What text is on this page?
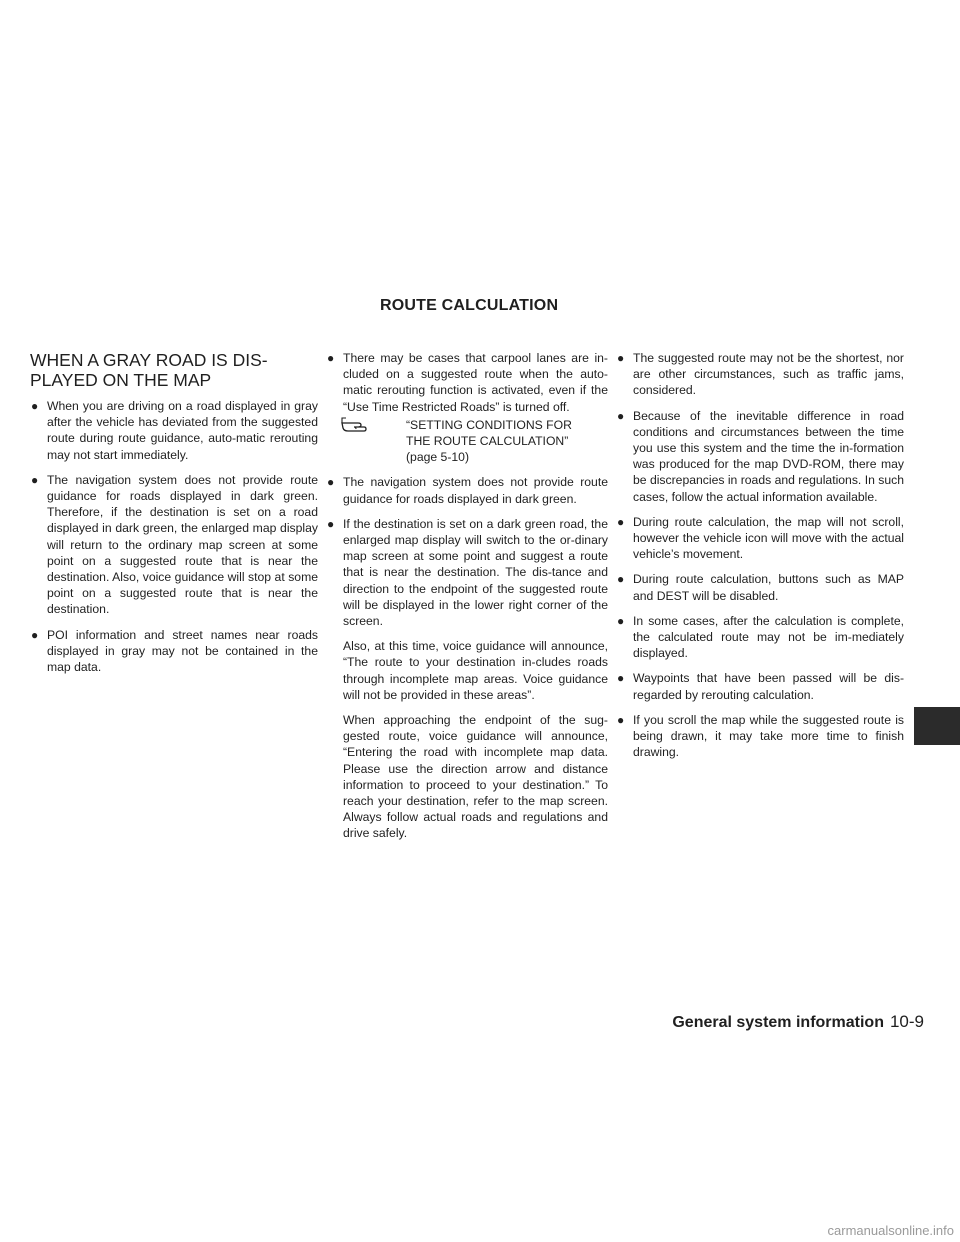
ROUTE CALCULATION
WHEN A GRAY ROAD IS DIS-
PLAYED ON THE MAP
● When you are driving on a road displayed in gray after the vehicle has deviated from the suggested route during route guidance, auto-matic rerouting may not start immediately.
● The navigation system does not provide route guidance for roads displayed in dark green. Therefore, if the destination is set on a road displayed in dark green, the enlarged map display will return to the ordinary map screen at some point on a suggested route that is near the destination. Also, voice guidance will stop at some point on a suggested route that is near the destination.
● POI information and street names near roads displayed in gray may not be contained in the map data.
● There may be cases that carpool lanes are in-cluded on a suggested route when the auto-matic rerouting function is activated, even if the “Use Time Restricted Roads” is turned off.
“SETTING CONDITIONS FOR
THE ROUTE CALCULATION”
(page 5-10)
● The navigation system does not provide route guidance for roads displayed in dark green.
● If the destination is set on a dark green road, the enlarged map display will switch to the or-dinary map screen at some point and suggest a route that is near the destination. The dis-tance and direction to the endpoint of the suggested route will be displayed in the lower right corner of the screen.

Also, at this time, voice guidance will announce, “The route to your destination in-cludes roads through incomplete map areas. Voice guidance will not be provided in these areas”.

When approaching the endpoint of the sug-gested route, voice guidance will announce, “Entering the road with incomplete map data. Please use the direction arrow and distance information to proceed to your destination.” To reach your destination, refer to the map screen. Always follow actual roads and regulations and drive safely.

● The suggested route may not be the shortest, nor are other circumstances, such as traffic jams, considered.
● Because of the inevitable difference in road conditions and circumstances between the time you use this system and the time the in-formation was produced for the map DVD-ROM, there may be discrepancies in roads and regulations. In such cases, follow the actual information available.
● During route calculation, the map will not scroll, however the vehicle icon will move with the actual vehicle’s movement.
● During route calculation, buttons such as MAP and DEST will be disabled.
● In some cases, after the calculation is complete, the calculated route may not be im-mediately displayed.
● Waypoints that have been passed will be dis-regarded by rerouting calculation.
● If you scroll the map while the suggested route is being drawn, it may take more time to finish drawing.
General system information 10-9
carmanualsonline.info
